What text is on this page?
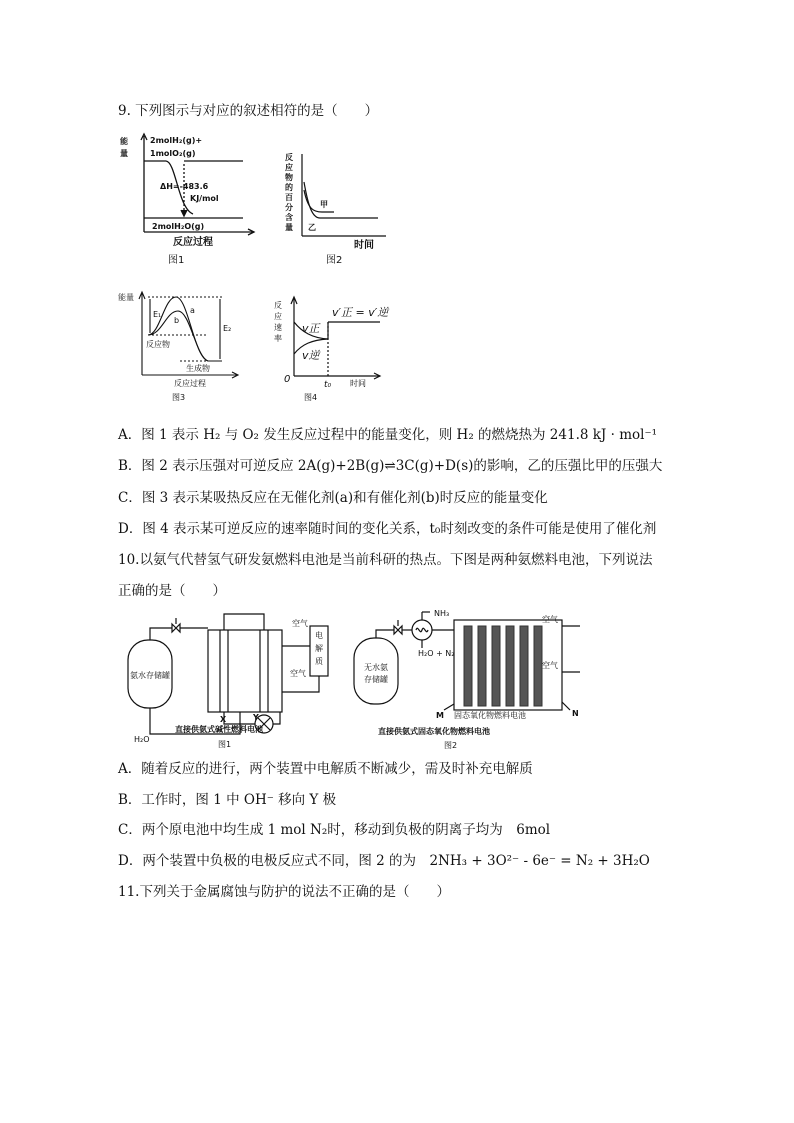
9. 下列图示与对应的叙述相符的是（　　）
能
量
2molH₂(g)+
1molO₂(g)
ΔH=-483.6
KJ/mol
2molH₂O(g)
反应过程
图1
反
应
物
的
百
分
含
量
甲
乙
时间
图2
能量
E₁
E₂
a
b
反应物
生成物
反应过程
图3
反
应
速
率
v′正 = v′逆
v正
v逆
0	t₀ 时间
图4
A．图 1 表示 H₂ 与 O₂ 发生反应过程中的能量变化，则 H₂ 的燃烧热为 241.8 kJ · mol⁻¹
B．图 2 表示压强对可逆反应 2A(g)+2B(g)⇌3C(g)+D(s)的影响，乙的压强比甲的压强大
C．图 3 表示某吸热反应在无催化剂(a)和有催化剂(b)时反应的能量变化
D．图 4 表示某可逆反应的速率随时间的变化关系，t₀时刻改变的条件可能是使用了催化剂
10.以氨气代替氢气研发氨燃料电池是当前科研的热点。下图是两种氨燃料电池，下列说法
正确的是（　　）
氨水存储罐
H₂O
电
解
质
空气
空气
X	Y
直接供氨式碱性燃料电池
图1
无水氨
存储罐
NH₃
H₂O + N₂
空气
空气
固态氧化物燃料电池
M	N
直接供氨式固态氧化物燃料电池
图2
A．随着反应的进行，两个装置中电解质不断减少，需及时补充电解质
B．工作时，图 1 中 OH⁻ 移向 Y 极
C．两个原电池中均生成 1 mol N₂时，移动到负极的阴离子均为　6mol
D．两个装置中负极的电极反应式不同，图 2 的为　2NH₃ + 3O²⁻ - 6e⁻ = N₂ + 3H₂O
11.下列关于金属腐蚀与防护的说法不正确的是（　　）
